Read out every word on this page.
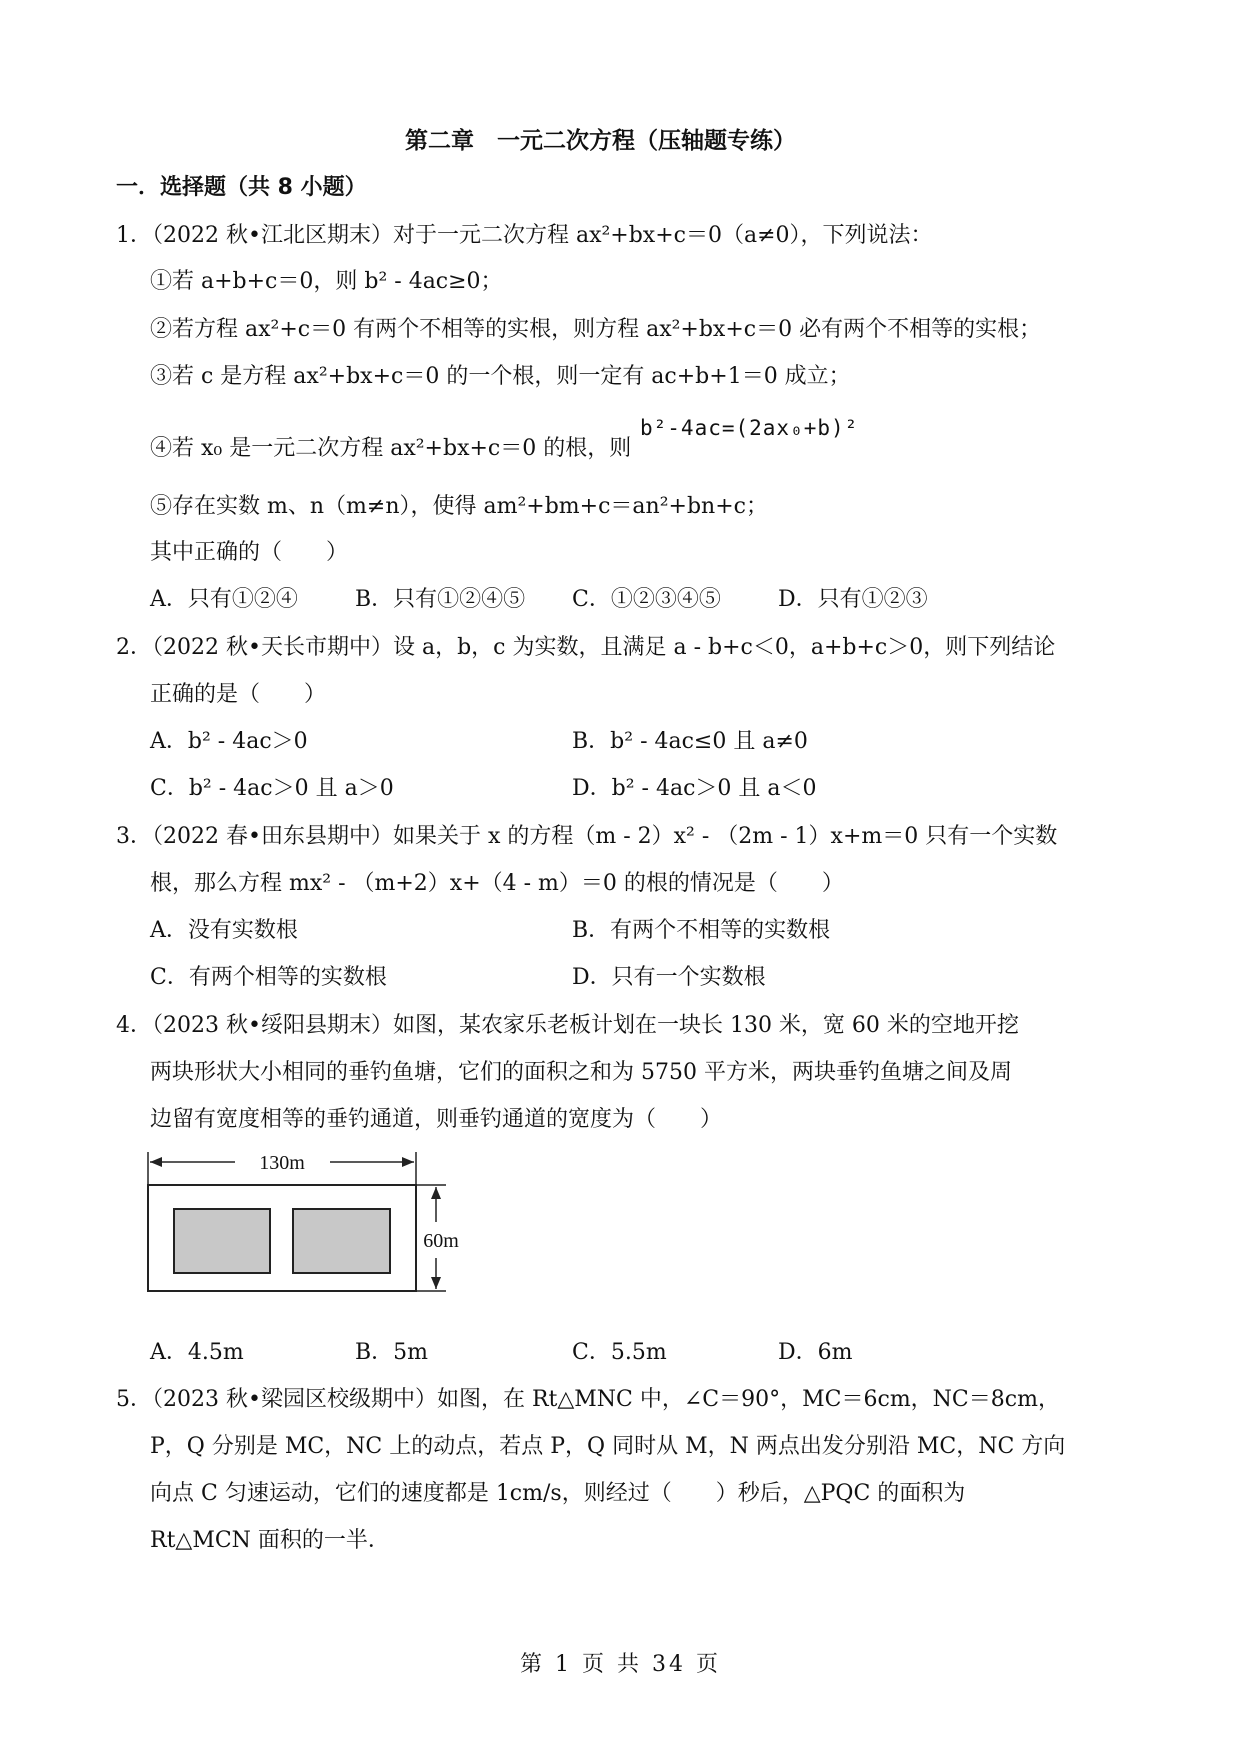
第二章　一元二次方程（压轴题专练）
一．选择题（共 8 小题）
1．（2022 秋•江北区期末）对于一元二次方程 ax²+bx+c＝0（a≠0），下列说法：
①若 a+b+c＝0，则 b² - 4ac≥0；
②若方程 ax²+c＝0 有两个不相等的实根，则方程 ax²+bx+c＝0 必有两个不相等的实根；
③若 c 是方程 ax²+bx+c＝0 的一个根，则一定有 ac+b+1＝0 成立；
④若 x₀ 是一元二次方程 ax²+bx+c＝0 的根，则
b²-4ac=(2ax₀+b)²
⑤存在实数 m、n（m≠n），使得 am²+bm+c＝an²+bn+c；
其中正确的（　　）
A．只有①②④	B．只有①②④⑤ C．①②③④⑤	D．只有①②③
2．（2022 秋•天长市期中）设 a，b，c 为实数，且满足 a - b+c＜0，a+b+c＞0，则下列结论
正确的是（　　）
A．b² - 4ac＞0	B．b² - 4ac≤0 且 a≠0
C．b² - 4ac＞0 且 a＞0	D．b² - 4ac＞0 且 a＜0
3．（2022 春•田东县期中）如果关于 x 的方程（m - 2）x² - （2m - 1）x+m＝0 只有一个实数
根，那么方程 mx² - （m+2）x+（4 - m）＝0 的根的情况是（　　）
A．没有实数根	B．有两个不相等的实数根
C．有两个相等的实数根	D．只有一个实数根
4．（2023 秋•绥阳县期末）如图，某农家乐老板计划在一块长 130 米，宽 60 米的空地开挖
两块形状大小相同的垂钓鱼塘，它们的面积之和为 5750 平方米，两块垂钓鱼塘之间及周
边留有宽度相等的垂钓通道，则垂钓通道的宽度为（　　）
130m
60m
A．4.5m	B．5m	C．5.5m	D．6m
5．（2023 秋•梁园区校级期中）如图，在 Rt△MNC 中，∠C＝90°，MC＝6cm，NC＝8cm，
P，Q 分别是 MC，NC 上的动点，若点 P，Q 同时从 M，N 两点出发分别沿 MC，NC 方向
向点 C 匀速运动，它们的速度都是 1cm/s，则经过（　　）秒后，△PQC 的面积为
Rt△MCN 面积的一半．
第 1 页 共 34 页
